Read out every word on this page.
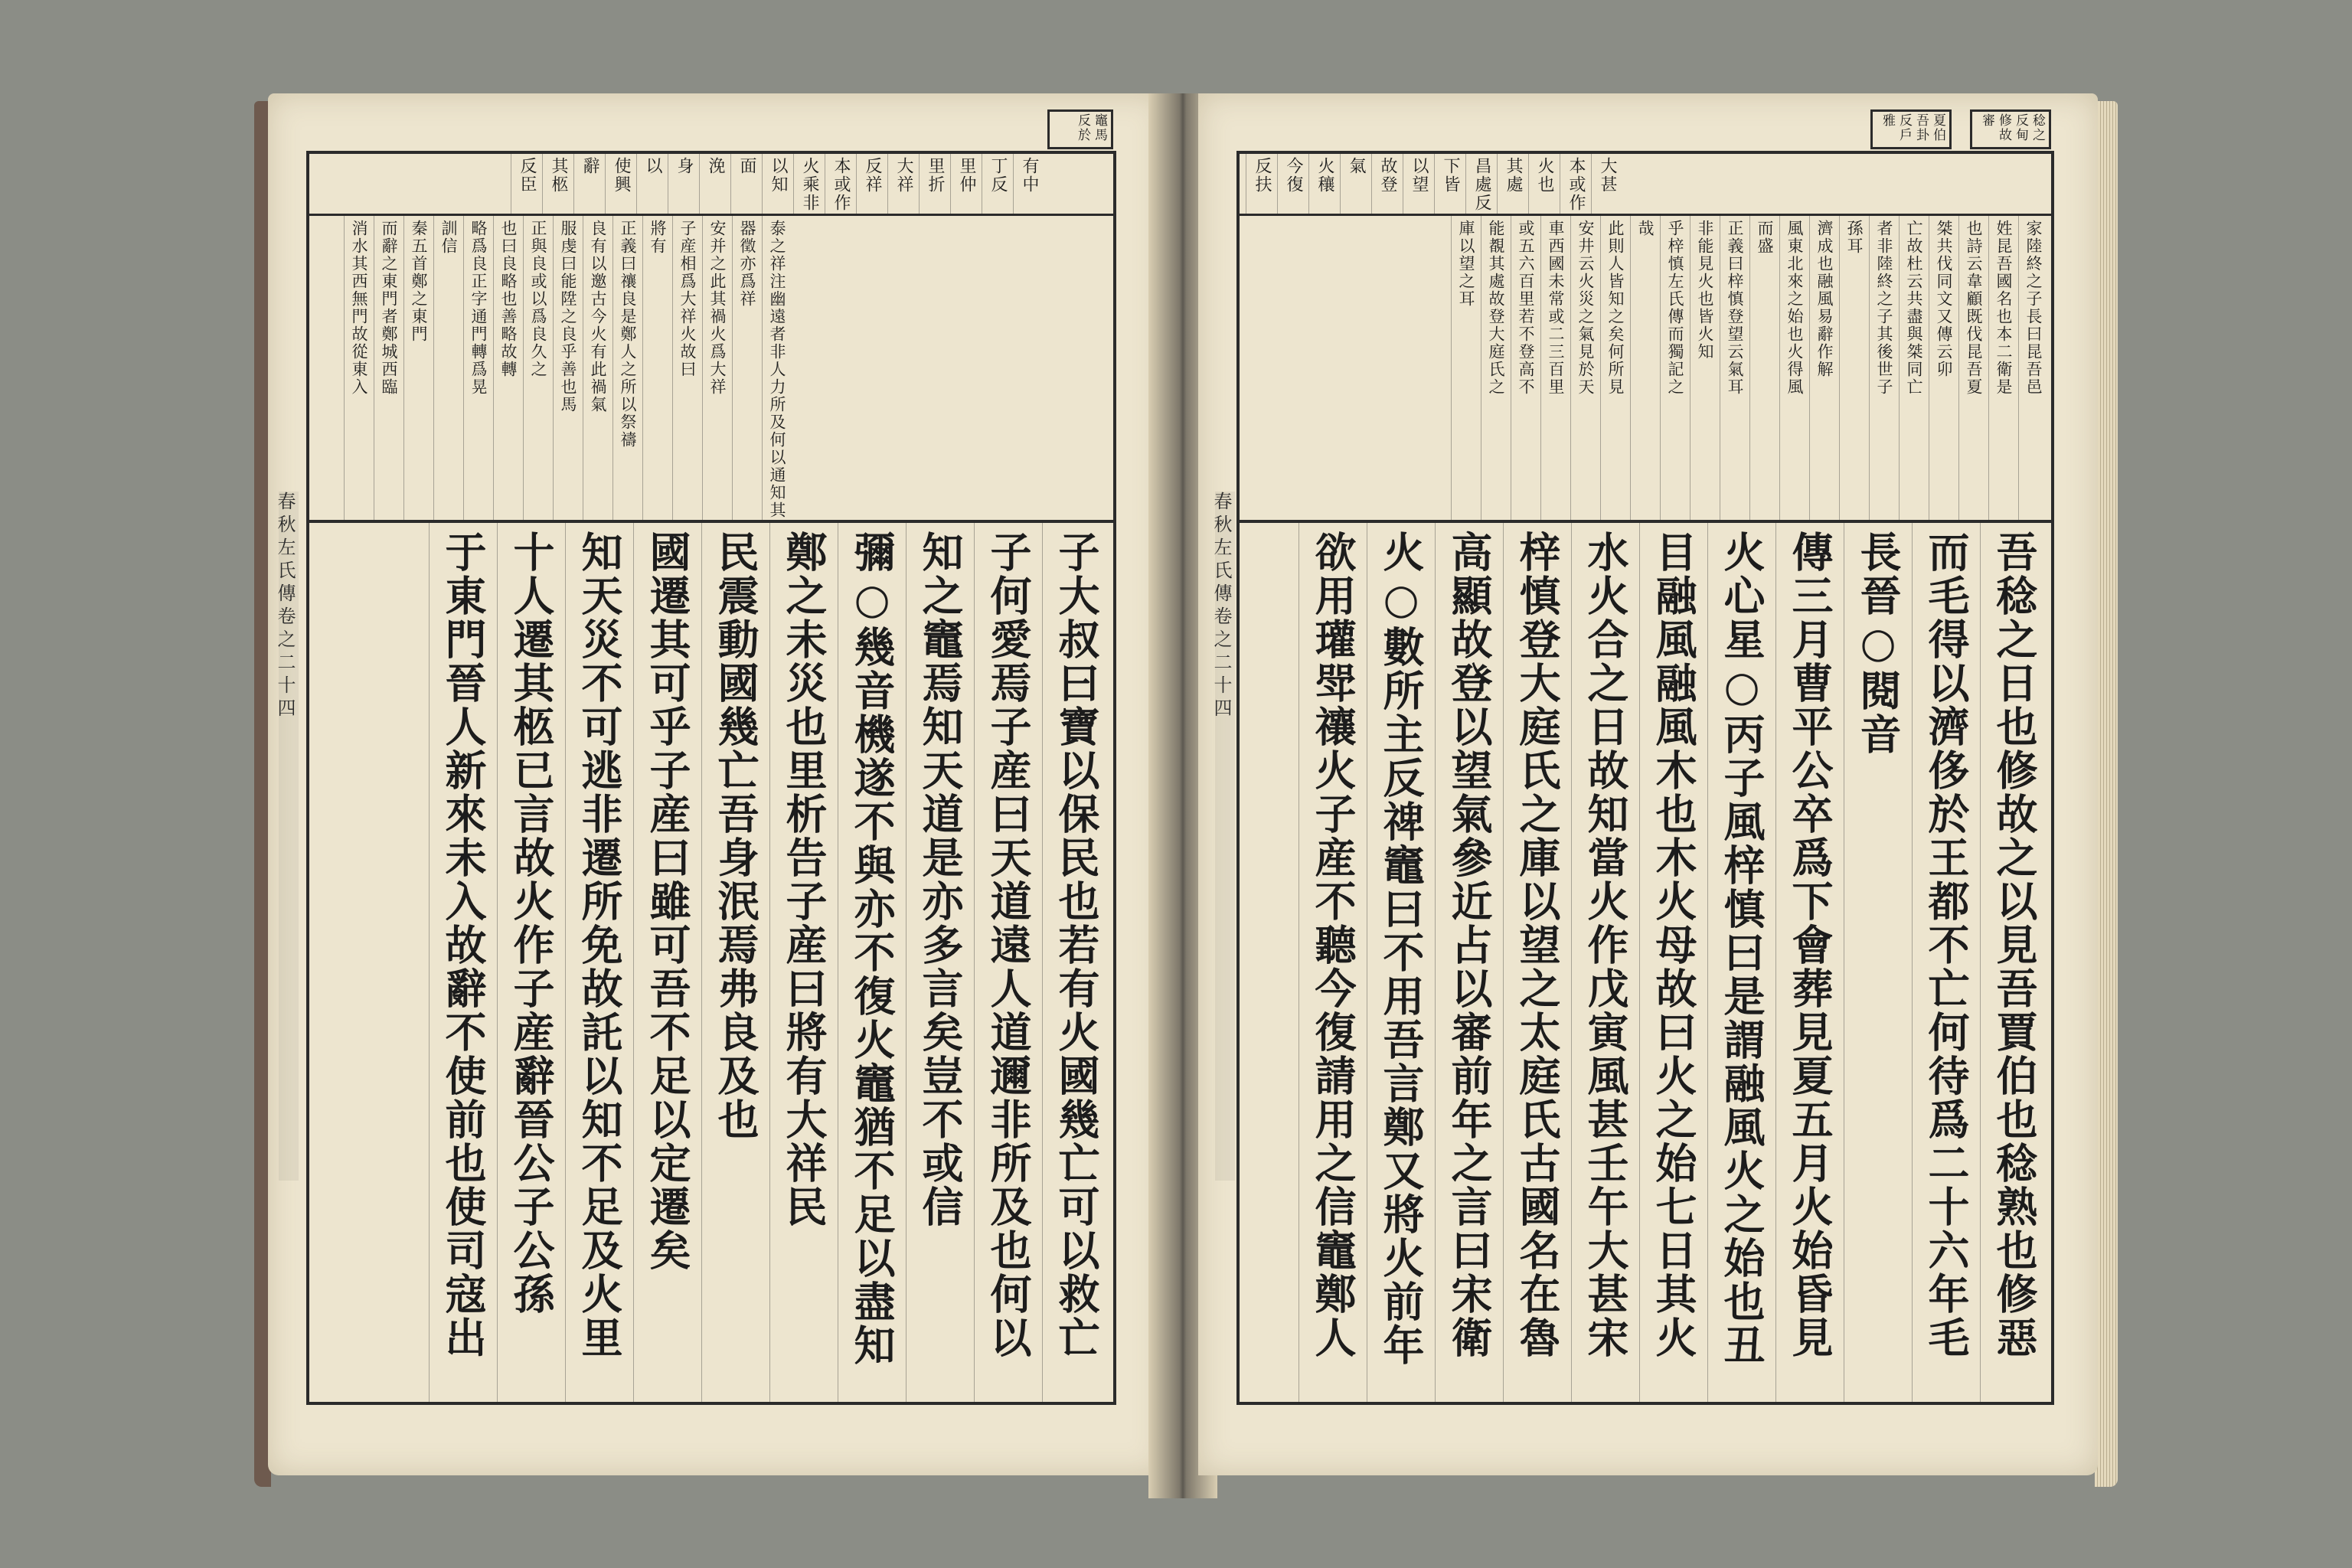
春秋左氏傳卷之二十四
竈馬
反於
有中
丁反
里仲
里折
大祥
反祥
本或作
火乘非
以知
面
浼
身
以
使興
辭
其柩
反臣
泰之祥注幽遠者非人力所及何以通知其
器徵亦爲祥
安并之此其禍火爲大祥
子産相爲大祥火故曰
將有
正義曰禳良是鄭人之所以祭禱
良有以邀古今火有此禍氣
服虔曰能陞之良乎善也馬
正與良或以爲良久之
也曰良略也善略故轉
略爲良正字通門轉爲晃
訓信
秦五首鄭之東門
而辭之東門者鄭城西臨
消水其西無門故從東入
子大叔曰寶以保民也若有火國幾亡可以救亡
子何愛焉子産曰天道遠人道邇非所及也何以
知之竈焉知天道是亦多言矣豈不或信
彌○幾音機遂不與亦不復火竈猶不足以盡知
鄭之未災也里析告子産曰將有大祥民
民震動國幾亡吾身泯焉弗良及也
國遷其可乎子産曰雖可吾不足以定遷矣
知天災不可逃非遷所免故託以知不足及火里
十人遷其柩已言故火作子産辭晉公子公孫
于東門晉人新來未入故辭不使前也使司寇出
春秋左氏傳卷之二十四
稔之
反甸
修故
審
夏伯
吾卦
反戶
雅
大甚
本或作
火也
其處
昌處反
下皆
以望
故登
氣
火穰
今復
反扶
家陸終之子長曰昆吾邑
姓昆吾國名也本二衛是
也詩云韋顧既伐昆吾夏
桀共伐同文又傳云卯
亡故杜云共盡與桀同亡
者非陸終之子其後世子
孫耳
濟成也融風易辭作解
風東北來之始也火得風
而盛
正義曰梓慎登望云氣耳
非能見火也皆火知
乎梓慎左氏傳而獨記之
哉
此則人皆知之矣何所見
安井云火災之氣見於天
車西國未常或二三百里
或五六百里若不登高不
能覩其處故登大庭氏之
庫以望之耳
吾稔之日也修故之以見吾賈伯也稔熟也修惡
而毛得以濟侈於王都不亡何待爲二十六年毛
長晉○閱音
傳三月曹平公卒爲下會葬見夏五月火始昏見
火心星○丙子風梓慎曰是謂融風火之始也丑
目融風融風木也木火母故曰火之始七日其火
水火合之日故知當火作戊寅風甚壬午大甚宋
梓慎登大庭氏之庫以望之太庭氏古國名在魯
高顯故登以望氣參近占以審前年之言曰宋衛
火○數所主反禆竈曰不用吾言鄭又將火前年
欲用瓘斝禳火子産不聽今復請用之信竈鄭人
